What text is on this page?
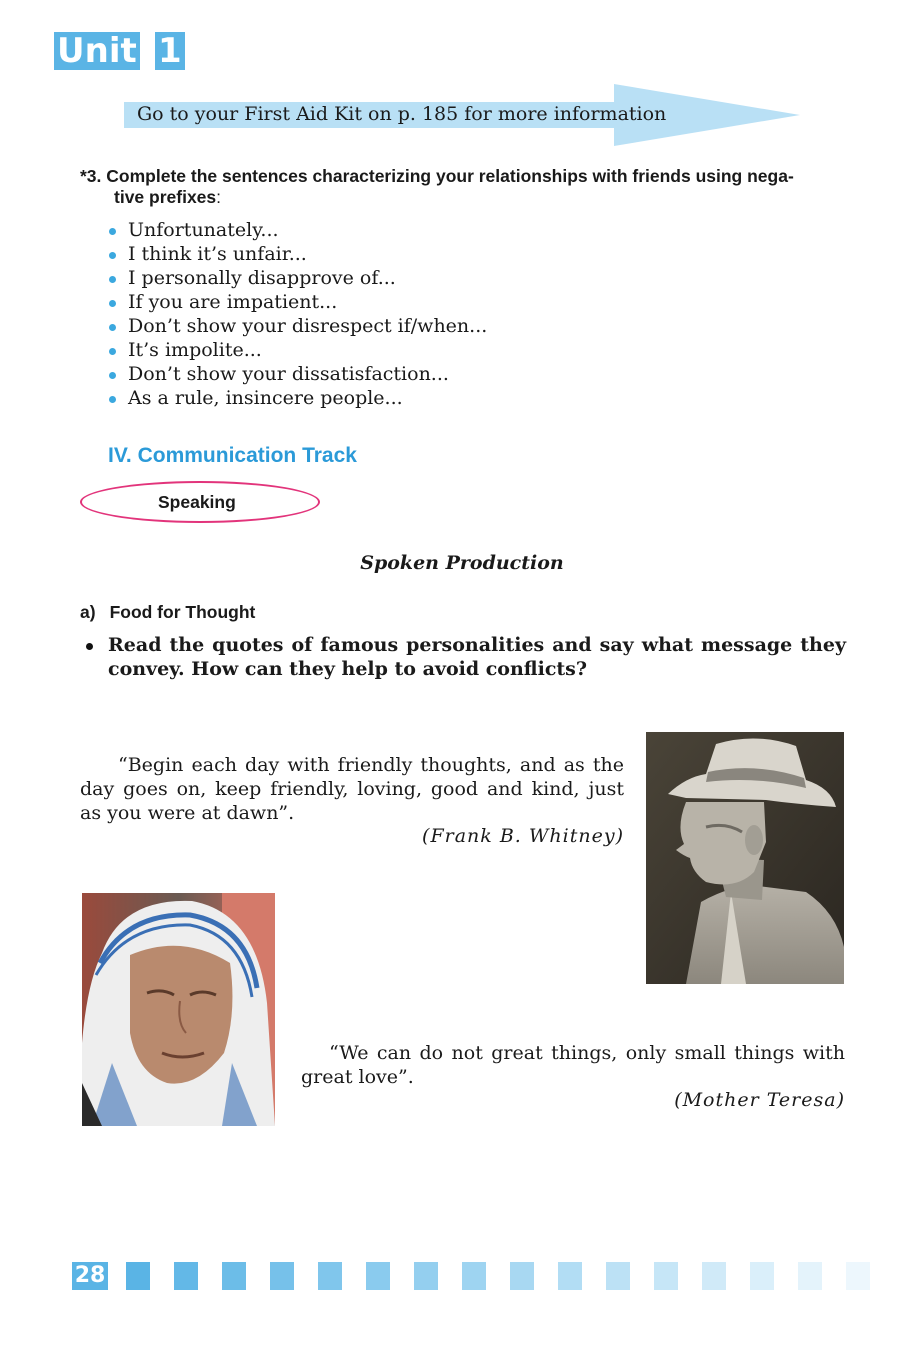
Unit 1
Go to your First Aid Kit on p. 185 for more information
*3. Complete the sentences characterizing your relationships with friends using nega-
tive prefixes:
Unfortunately...
I think it’s unfair...
I personally disapprove of...
If you are impatient...
Don’t show your disrespect if/when...
It’s impolite...
Don’t show your dissatisfaction...
As a rule, insincere people...
IV. Communication Track
Speaking
Spoken Production
a) Food for Thought

Read the quotes of famous personalities and say what message they convey. How can they help to avoid conflicts?

“Begin each day with friendly thoughts, and as the day goes on, keep friendly, loving, good and kind, just as you were at dawn”.

(Frank B. Whitney)

“We can do not great things, only small things with great love”.

(Mother Teresa)
28
